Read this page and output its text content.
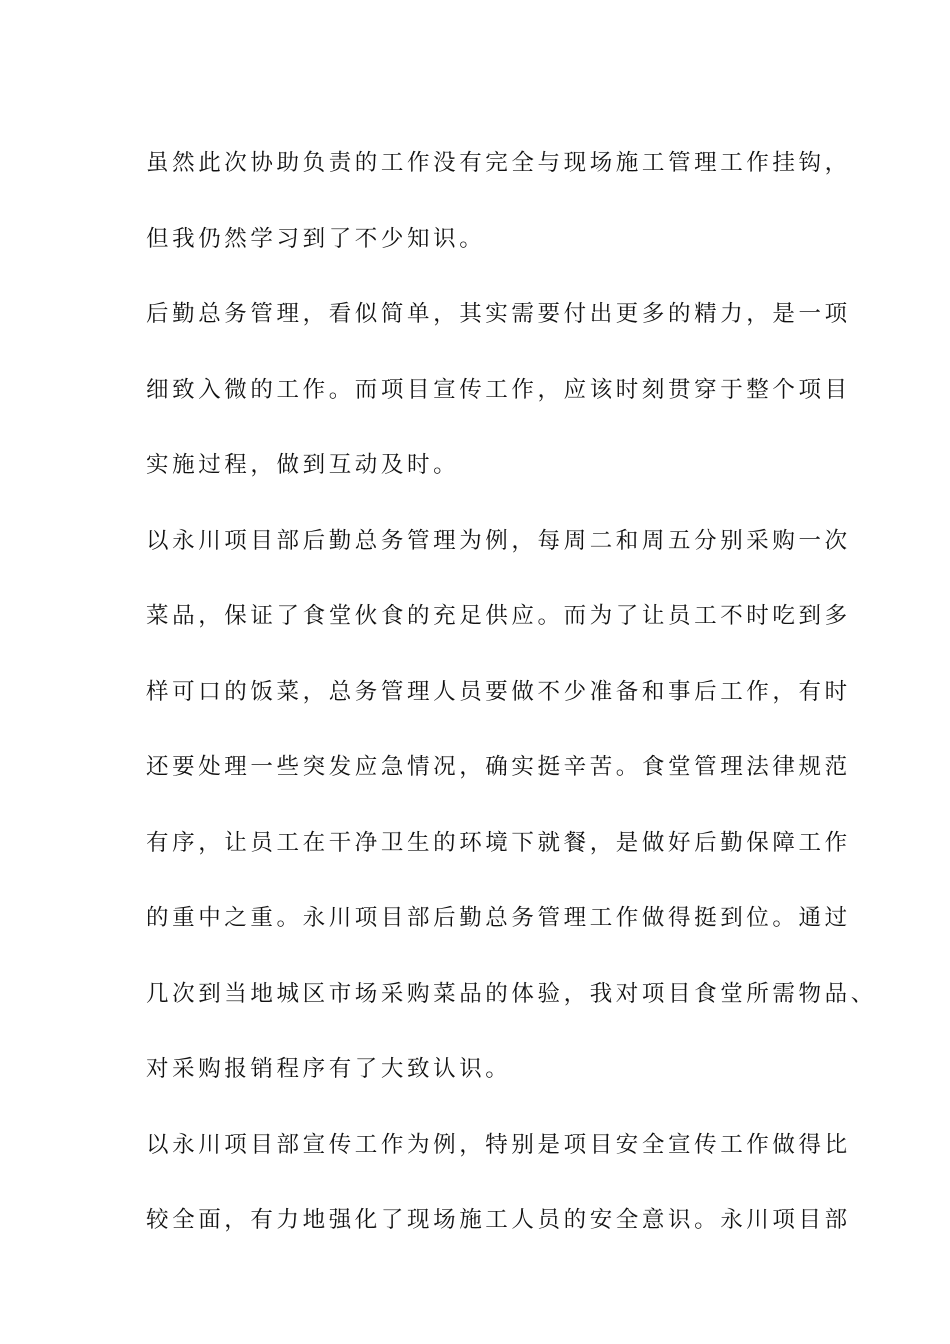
虽然此次协助负责的工作没有完全与现场施工管理工作挂钩，
但我仍然学习到了不少知识。
后勤总务管理，看似简单，其实需要付出更多的精力，是一项
细致入微的工作。而项目宣传工作，应该时刻贯穿于整个项目
实施过程，做到互动及时。
以永川项目部后勤总务管理为例，每周二和周五分别采购一次
菜品，保证了食堂伙食的充足供应。而为了让员工不时吃到多
样可口的饭菜，总务管理人员要做不少准备和事后工作，有时
还要处理一些突发应急情况，确实挺辛苦。食堂管理法律规范
有序，让员工在干净卫生的环境下就餐，是做好后勤保障工作
的重中之重。永川项目部后勤总务管理工作做得挺到位。通过
几次到当地城区市场采购菜品的体验，我对项目食堂所需物品、
对采购报销程序有了大致认识。
以永川项目部宣传工作为例，特别是项目安全宣传工作做得比
较全面，有力地强化了现场施工人员的安全意识。永川项目部
